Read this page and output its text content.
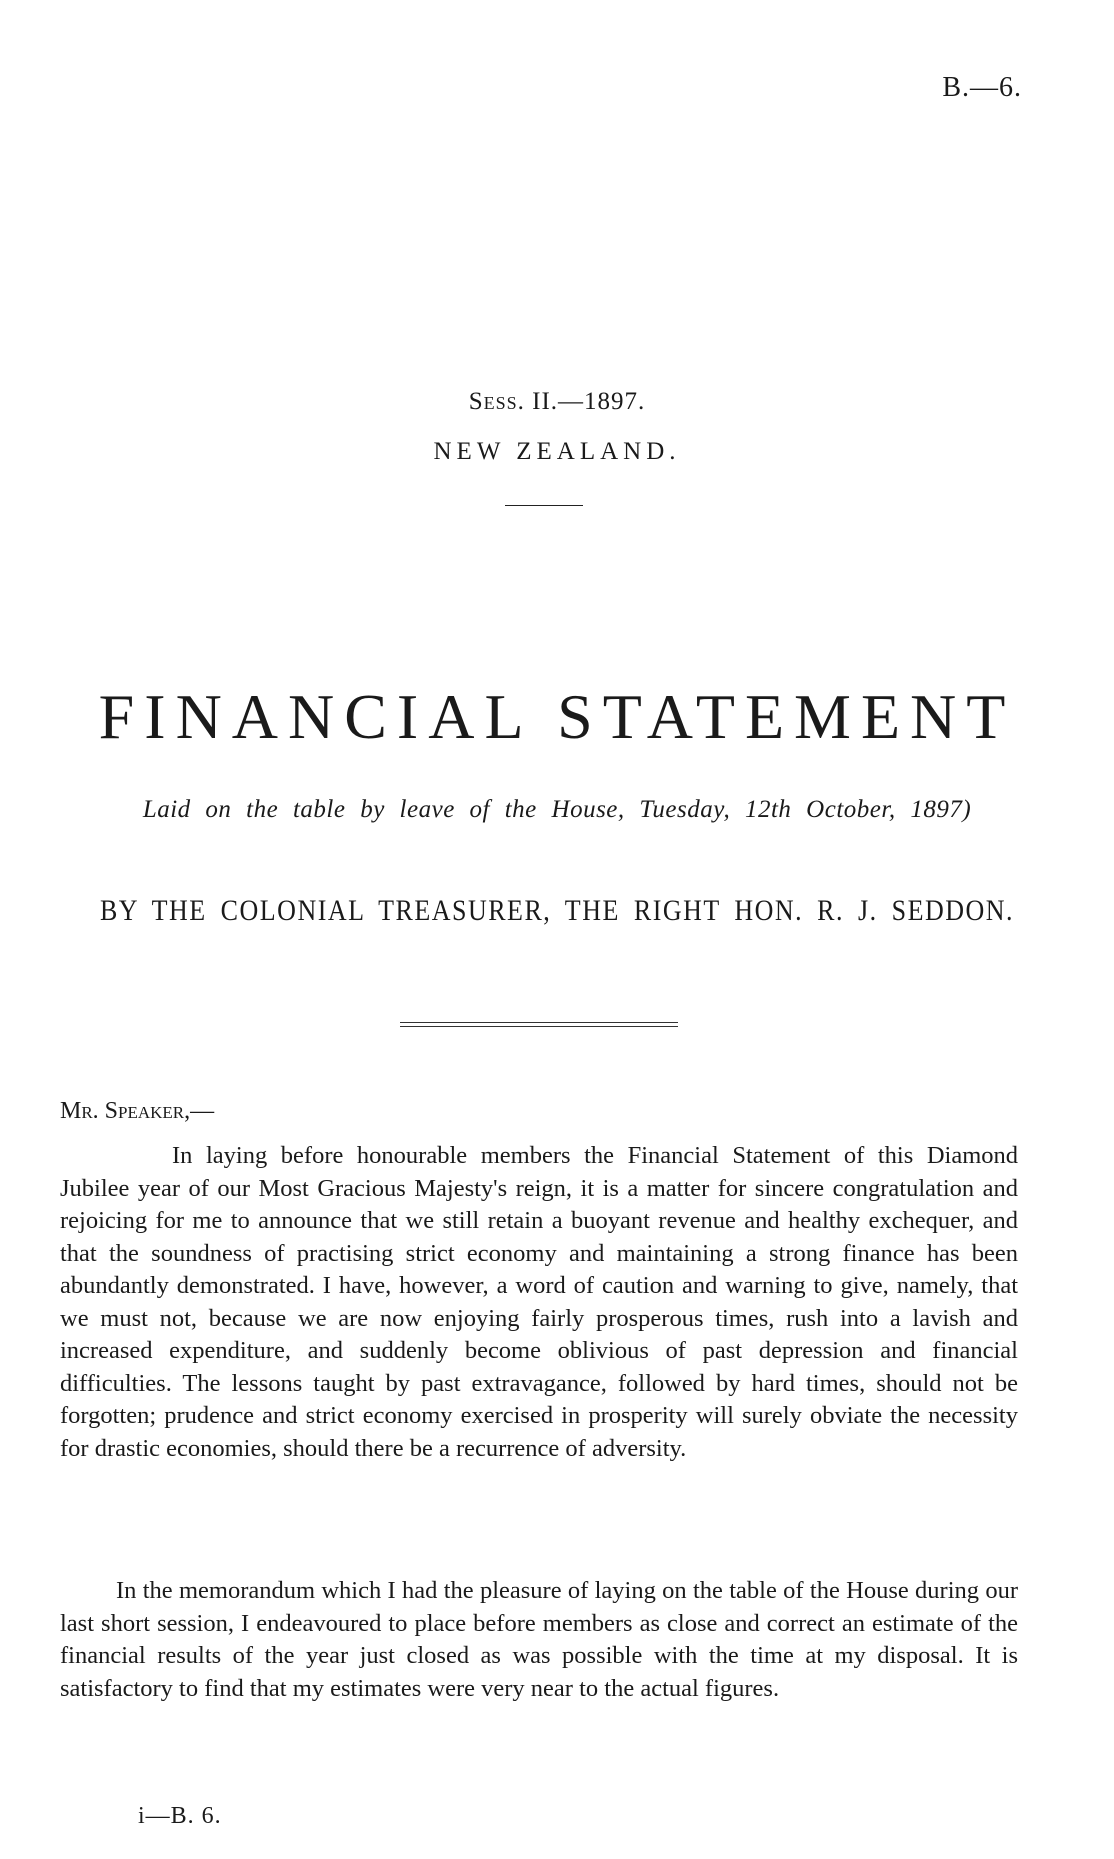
B.—6.
Sess. II.—1897.
NEW ZEALAND.
FINANCIAL STATEMENT
Laid on the table by leave of the House, Tuesday, 12th October, 1897)
BY THE COLONIAL TREASURER, THE RIGHT HON. R. J. SEDDON.
Mr. Speaker,—

In laying before honourable members the Financial Statement of this Diamond Jubilee year of our Most Gracious Majesty's reign, it is a matter for sincere congratulation and rejoicing for me to announce that we still retain a buoyant revenue and healthy exchequer, and that the soundness of practising strict economy and maintaining a strong finance has been abundantly demonstrated. I have, however, a word of caution and warning to give, namely, that we must not, because we are now enjoying fairly prosperous times, rush into a lavish and increased expenditure, and suddenly become oblivious of past depression and financial difficulties. The lessons taught by past extravagance, followed by hard times, should not be forgotten; prudence and strict economy exercised in prosperity will surely obviate the necessity for drastic economies, should there be a recurrence of adversity.

In the memorandum which I had the pleasure of laying on the table of the House during our last short session, I endeavoured to place before members as close and correct an estimate of the financial results of the year just closed as was possible with the time at my disposal. It is satisfactory to find that my estimates were very near to the actual figures.

i—B. 6.
